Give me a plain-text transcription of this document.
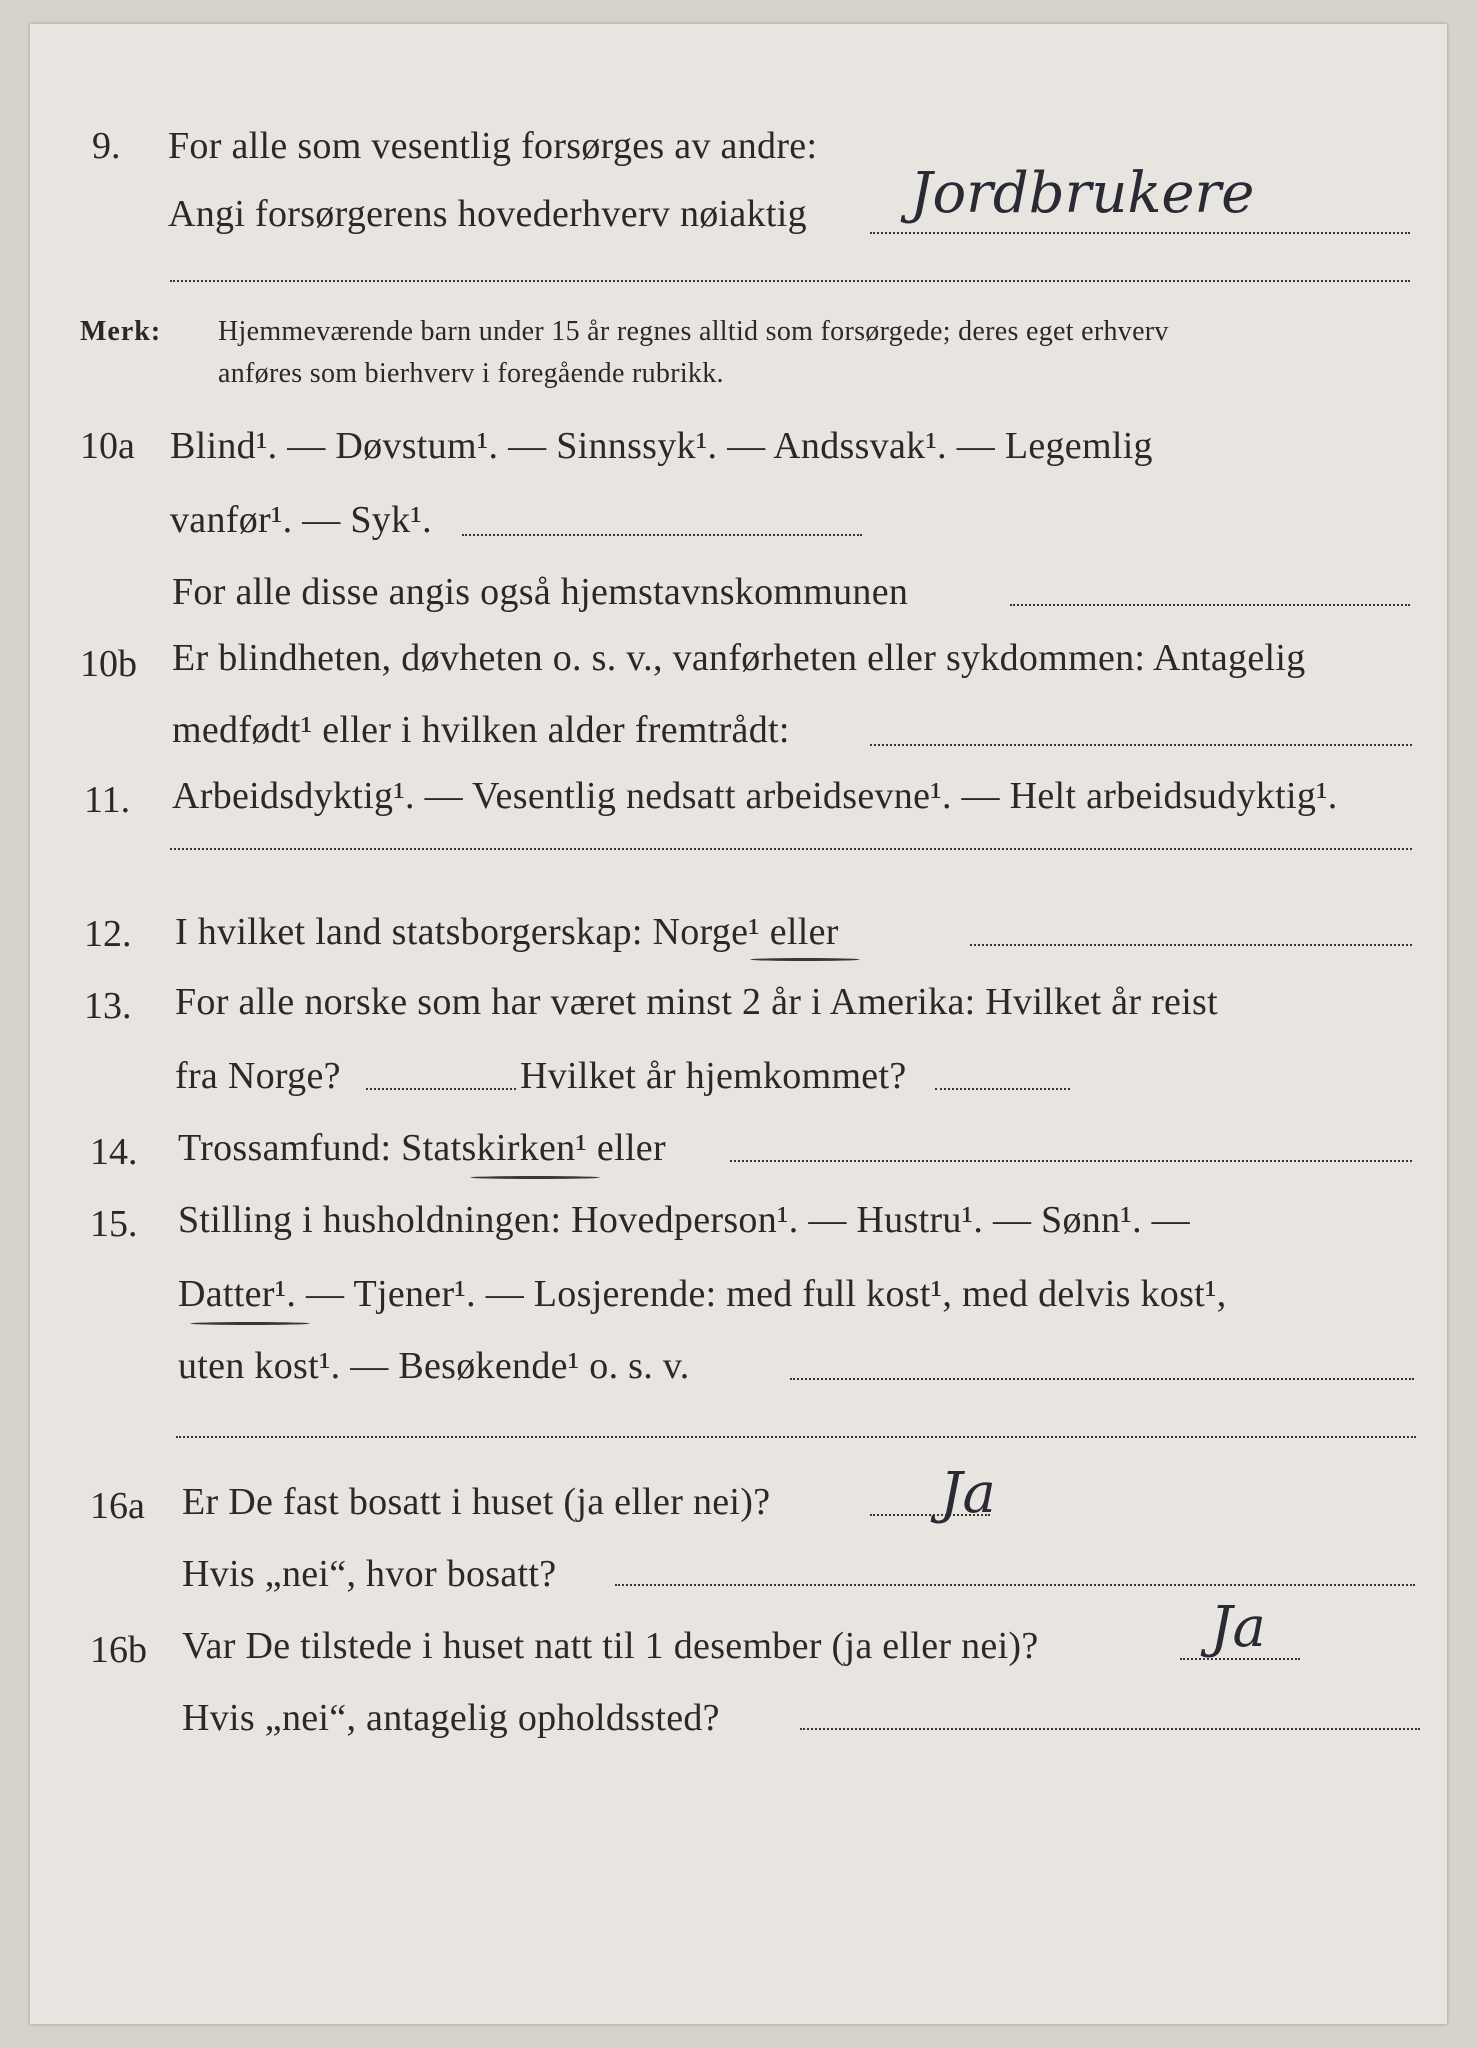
9. For alle som vesentlig forsørges av andre:
Angi forsørgerens hovederhverv nøiaktig Jordbrukere
Merk: Hjemmeværende barn under 15 år regnes alltid som forsørgede; deres eget erhverv
anføres som bierhverv i foregående rubrikk.
10a Blind¹. — Døvstum¹. — Sinnssyk¹. — Andssvak¹. — Legemlig
vanfør¹. — Syk¹.
For alle disse angis også hjemstavnskommunen
10b Er blindheten, døvheten o. s. v., vanførheten eller sykdommen: Antagelig
medfødt¹ eller i hvilken alder fremtrådt:
11. Arbeidsdyktig¹. — Vesentlig nedsatt arbeidsevne¹. — Helt arbeidsudyktig¹.
12. I hvilket land statsborgerskap: Norge¹ eller
13. For alle norske som har været minst 2 år i Amerika: Hvilket år reist
fra Norge?	Hvilket år hjemkommet?
14. Trossamfund: Statskirken¹ eller
15. Stilling i husholdningen: Hovedperson¹. — Hustru¹. — Sønn¹. —
Datter¹. — Tjener¹. — Losjerende: med full kost¹, med delvis kost¹,
uten kost¹. — Besøkende¹ o. s. v.
16a Er De fast bosatt i huset (ja eller nei)?	Ja
Hvis „nei“, hvor bosatt?
16b Var De tilstede i huset natt til 1 desember (ja eller nei)?	Ja
Hvis „nei“, antagelig opholdssted?
